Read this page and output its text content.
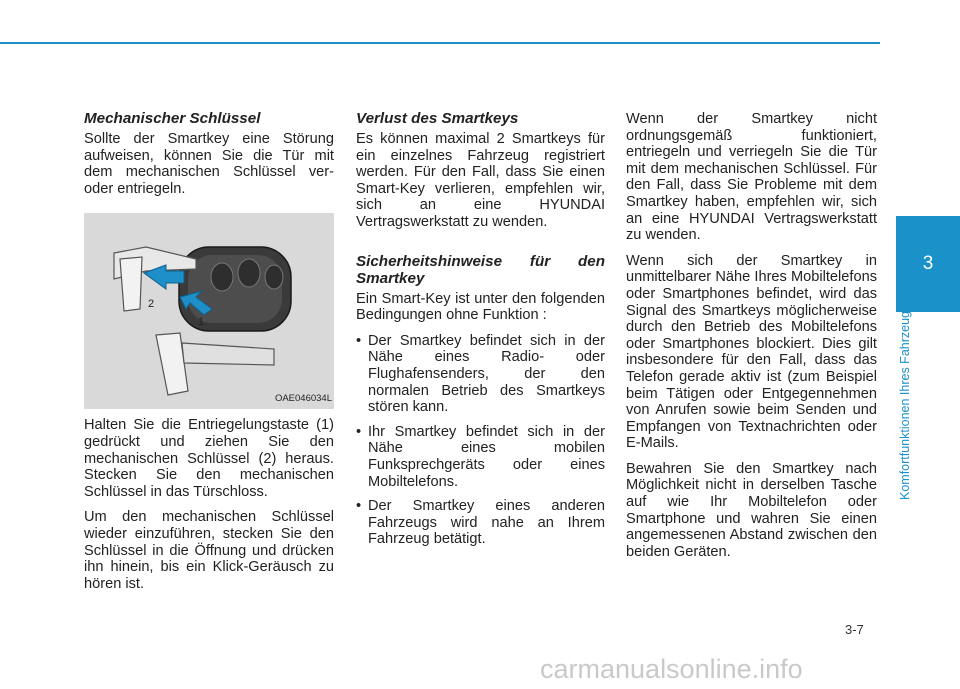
Mechanischer Schlüssel

Sollte der Smartkey eine Störung aufweisen, können Sie die Tür mit dem mechanischen Schlüssel ver- oder entriegeln.

2
1
OAE046034L

Halten Sie die Entriegelungstaste (1) gedrückt und ziehen Sie den mechanischen Schlüssel (2) heraus. Stecken Sie den mechanischen Schlüssel in das Türschloss.

Um den mechanischen Schlüssel wieder einzuführen, stecken Sie den Schlüssel in die Öffnung und drücken ihn hinein, bis ein Klick-Geräusch zu hören ist.

Verlust des Smartkeys

Es können maximal 2 Smartkeys für ein einzelnes Fahrzeug registriert werden. Für den Fall, dass Sie einen Smart-Key verlieren, empfehlen wir, sich an eine HYUNDAI Vertragswerkstatt zu wenden.

Sicherheitshinweise für den Smartkey

Ein Smart-Key ist unter den folgenden Bedingungen ohne Funktion :

• Der Smartkey befindet sich in der Nähe eines Radio- oder Flughafensenders, der den normalen Betrieb des Smartkeys stören kann.
• Ihr Smartkey befindet sich in der Nähe eines mobilen Funksprechgeräts oder eines Mobiltelefons.
• Der Smartkey eines anderen Fahrzeugs wird nahe an Ihrem Fahrzeug betätigt.

Wenn der Smartkey nicht ordnungsgemäß funktioniert, entriegeln und verriegeln Sie die Tür mit dem mechanischen Schlüssel. Für den Fall, dass Sie Probleme mit dem Smartkey haben, empfehlen wir, sich an eine HYUNDAI Vertragswerkstatt zu wenden.

Wenn sich der Smartkey in unmittelbarer Nähe Ihres Mobiltelefons oder Smartphones befindet, wird das Signal des Smartkeys möglicherweise durch den Betrieb des Mobiltelefons oder Smartphones blockiert. Dies gilt insbesondere für den Fall, dass das Telefon gerade aktiv ist (zum Beispiel beim Tätigen oder Entgegennehmen von Anrufen sowie beim Senden und Empfangen von Textnachrichten oder E-Mails.

Bewahren Sie den Smartkey nach Möglichkeit nicht in derselben Tasche auf wie Ihr Mobiltelefon oder Smartphone und wahren Sie einen angemessenen Abstand zwischen den beiden Geräten.

3
Komfortfunktionen Ihres Fahrzeugs
3-7
carmanualsonline.info
